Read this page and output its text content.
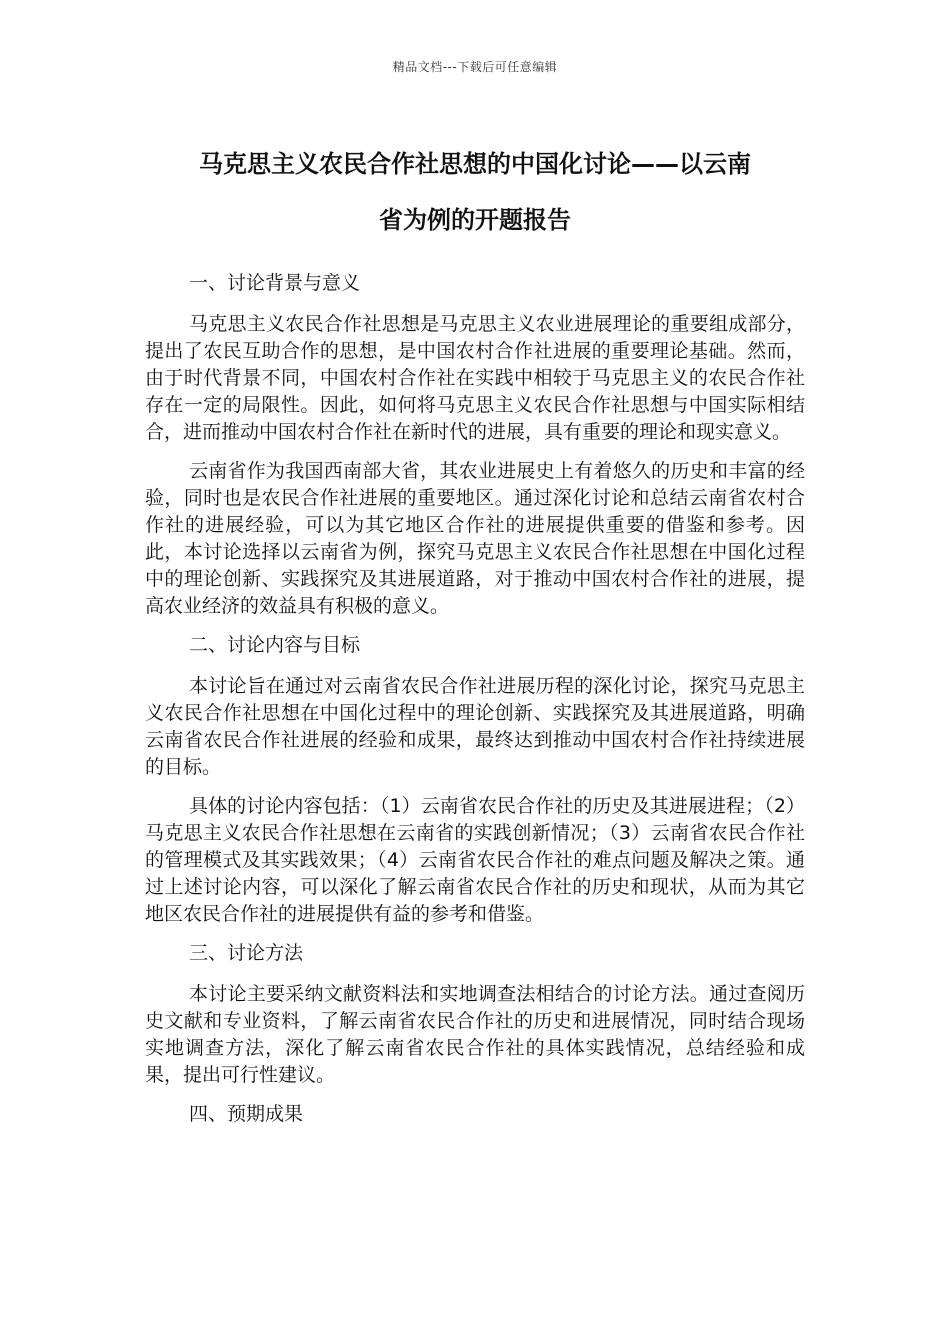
精品文档---下载后可任意编辑
马克思主义农民合作社思想的中国化讨论——以云南
省为例的开题报告
一、讨论背景与意义

马克思主义农民合作社思想是马克思主义农业进展理论的重要组成部分，提出了农民互助合作的思想，是中国农村合作社进展的重要理论基础。然而，由于时代背景不同，中国农村合作社在实践中相较于马克思主义的农民合作社存在一定的局限性。因此，如何将马克思主义农民合作社思想与中国实际相结合，进而推动中国农村合作社在新时代的进展，具有重要的理论和现实意义。

云南省作为我国西南部大省，其农业进展史上有着悠久的历史和丰富的经验，同时也是农民合作社进展的重要地区。通过深化讨论和总结云南省农村合作社的进展经验，可以为其它地区合作社的进展提供重要的借鉴和参考。因此，本讨论选择以云南省为例，探究马克思主义农民合作社思想在中国化过程中的理论创新、实践探究及其进展道路，对于推动中国农村合作社的进展，提高农业经济的效益具有积极的意义。

二、讨论内容与目标

本讨论旨在通过对云南省农民合作社进展历程的深化讨论，探究马克思主义农民合作社思想在中国化过程中的理论创新、实践探究及其进展道路，明确云南省农民合作社进展的经验和成果，最终达到推动中国农村合作社持续进展的目标。

具体的讨论内容包括：（1）云南省农民合作社的历史及其进展进程；（2）马克思主义农民合作社思想在云南省的实践创新情况；（3）云南省农民合作社的管理模式及其实践效果；（4）云南省农民合作社的难点问题及解决之策。通过上述讨论内容，可以深化了解云南省农民合作社的历史和现状，从而为其它地区农民合作社的进展提供有益的参考和借鉴。

三、讨论方法

本讨论主要采纳文献资料法和实地调查法相结合的讨论方法。通过查阅历史文献和专业资料，了解云南省农民合作社的历史和进展情况，同时结合现场实地调查方法，深化了解云南省农民合作社的具体实践情况，总结经验和成果，提出可行性建议。

四、预期成果
